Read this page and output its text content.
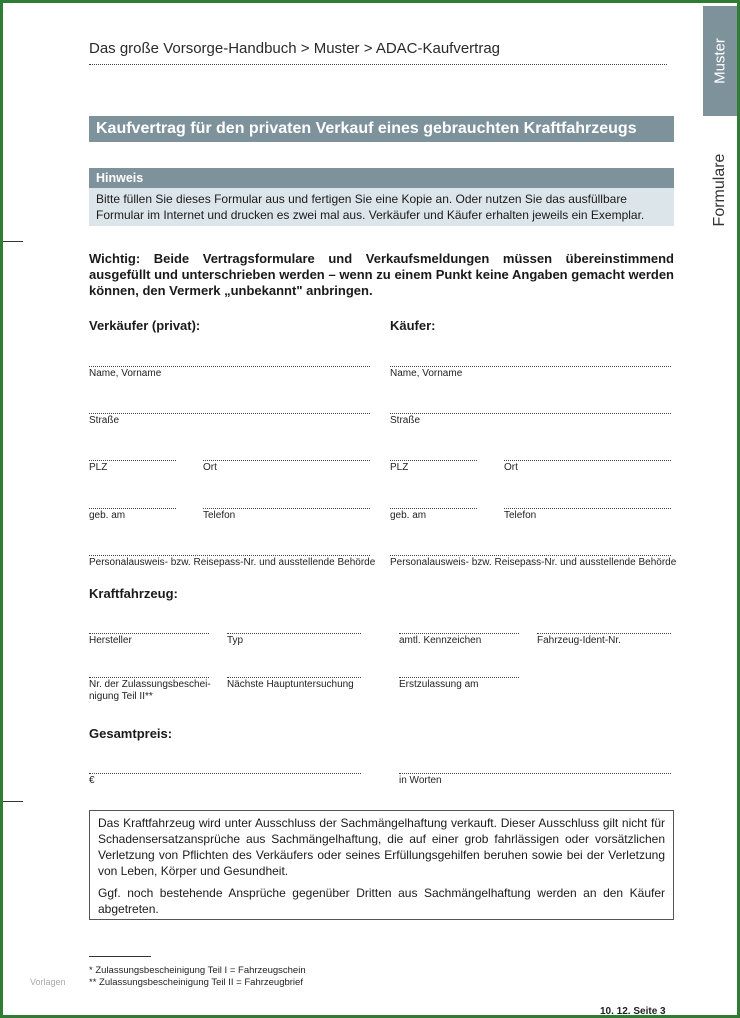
Muster
Formulare
Das große Vorsorge-Handbuch > Muster > ADAC-Kaufvertrag
Kaufvertrag für den privaten Verkauf eines gebrauchten Kraftfahrzeugs
Hinweis
Bitte füllen Sie dieses Formular aus und fertigen Sie eine Kopie an. Oder nutzen Sie das ausfüllbare Formular im Internet und drucken es zwei mal aus. Verkäufer und Käufer erhalten jeweils ein Exemplar.
Wichtig: Beide Vertragsformulare und Verkaufsmeldungen müssen übereinstimmend ausgefüllt und unterschrieben werden – wenn zu einem Punkt keine Angaben gemacht werden können, den Vermerk „unbekannt" anbringen.
Verkäufer (privat):	Käufer:
Name, Vorname
Straße
PLZ	Ort
geb. am	Telefon
Personalausweis- bzw. Reisepass-Nr. und ausstellende Behörde
Name, Vorname
Straße
PLZ	Ort
geb. am	Telefon
Personalausweis- bzw. Reisepass-Nr. und ausstellende Behörde
Kraftfahrzeug:
Hersteller	Typ	amtl. Kennzeichen	Fahrzeug-Ident-Nr.
Nr. der Zulassungsbeschei-
nigung Teil II**
Nächste Hauptuntersuchung	Erstzulassung am
Gesamtpreis:
€	in Worten

Das Kraftfahrzeug wird unter Ausschluss der Sachmängelhaftung verkauft. Dieser Ausschluss gilt nicht für Schadensersatzansprüche aus Sachmängelhaftung, die auf einer grob fahrlässigen oder vorsätzlichen Verletzung von Pflichten des Verkäufers oder seines Erfüllungsgehilfen beruhen sowie bei der Verletzung von Leben, Körper und Gesundheit.

Ggf. noch bestehende Ansprüche gegenüber Dritten aus Sachmängelhaftung werden an den Käufer abgetreten.

* Zulassungsbescheinigung Teil I = Fahrzeugschein
** Zulassungsbescheinigung Teil II = Fahrzeugbrief
Vorlagen
10. 12. Seite 3
